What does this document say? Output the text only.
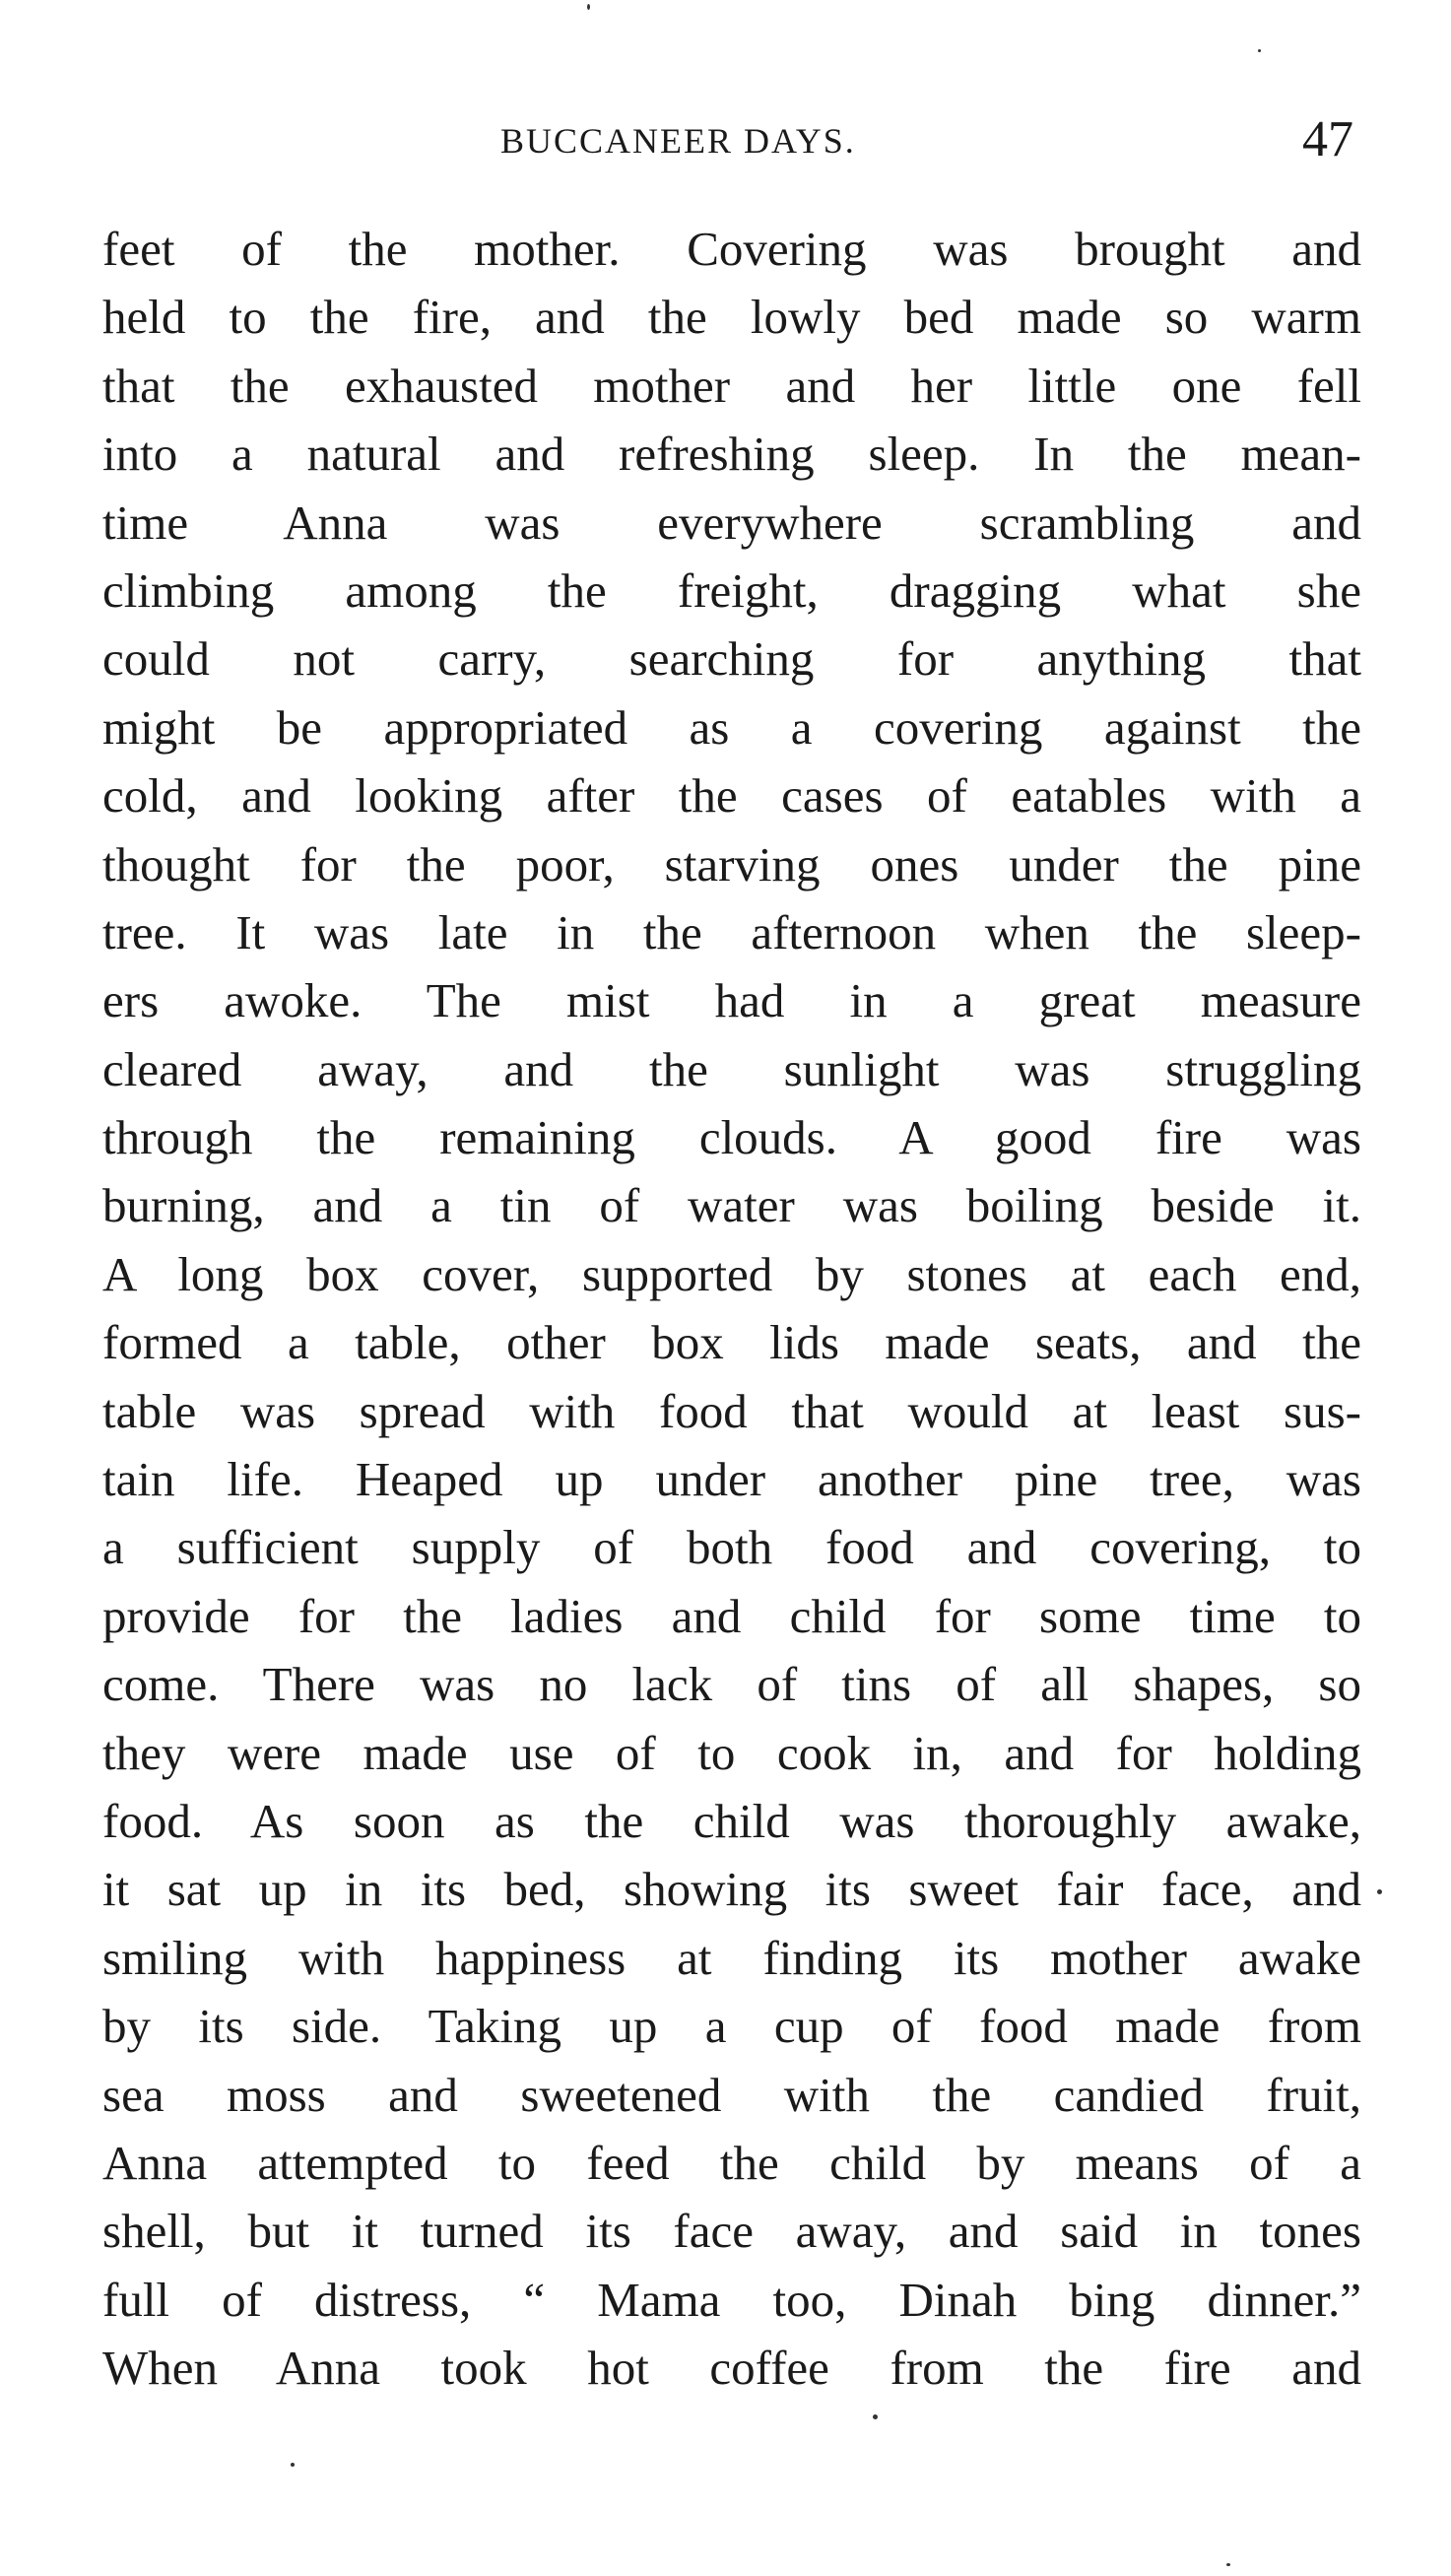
BUCCANEER DAYS.	47
feet of the mother. Covering was brought and
held to the fire, and the lowly bed made so warm
that the exhausted mother and her little one fell
into a natural and refreshing sleep. In the mean-
time Anna was everywhere scrambling and
climbing among the freight, dragging what she
could not carry, searching for anything that
might be appropriated as a covering against the
cold, and looking after the cases of eatables with a
thought for the poor, starving ones under the pine
tree. It was late in the afternoon when the sleep-
ers awoke. The mist had in a great measure
cleared away, and the sunlight was struggling
through the remaining clouds. A good fire was
burning, and a tin of water was boiling beside it.
A long box cover, supported by stones at each end,
formed a table, other box lids made seats, and the
table was spread with food that would at least sus-
tain life. Heaped up under another pine tree, was
a sufficient supply of both food and covering, to
provide for the ladies and child for some time to
come. There was no lack of tins of all shapes, so
they were made use of to cook in, and for holding
food. As soon as the child was thoroughly awake,
it sat up in its bed, showing its sweet fair face, and
smiling with happiness at finding its mother awake
by its side. Taking up a cup of food made from
sea moss and sweetened with the candied fruit,
Anna attempted to feed the child by means of a
shell, but it turned its face away, and said in tones
full of distress, “ Mama too, Dinah bing dinner.”
When Anna took hot coffee from the fire and
